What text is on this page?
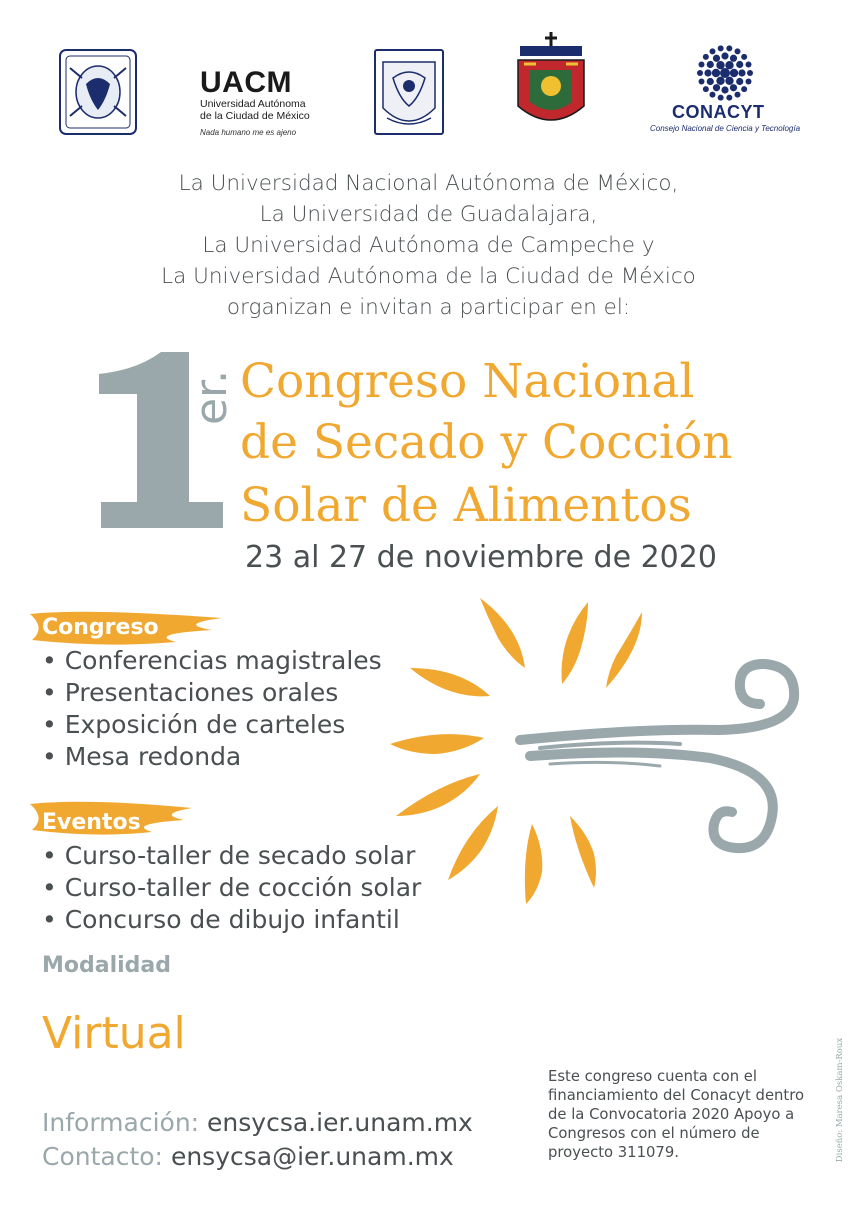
UACM
Universidad Autónoma
de la Ciudad de México
Nada humano me es ajeno
CONACYT
Consejo Nacional de Ciencia y Tecnología
La Universidad Nacional Autónoma de México,
La Universidad de Guadalajara,
La Universidad Autónoma de Campeche y
La Universidad Autónoma de la Ciudad de México
organizan e invitan a participar en el:
er. Congreso Nacional
de Secado y Cocción
Solar de Alimentos
23 al 27 de noviembre de 2020
Congreso
• Conferencias magistrales
• Presentaciones orales
• Exposición de carteles
• Mesa redonda
Eventos
• Curso-taller de secado solar
• Curso-taller de cocción solar
• Concurso de dibujo infantil
Modalidad
Virtual
Información: ensycsa.ier.unam.mx
Contacto: ensycsa@ier.unam.mx
Este congreso cuenta con el financiamiento del Conacyt dentro de la Convocatoria 2020 Apoyo a Congresos con el número de proyecto 311079.	Diseño: Maresa Oskam-Roux
